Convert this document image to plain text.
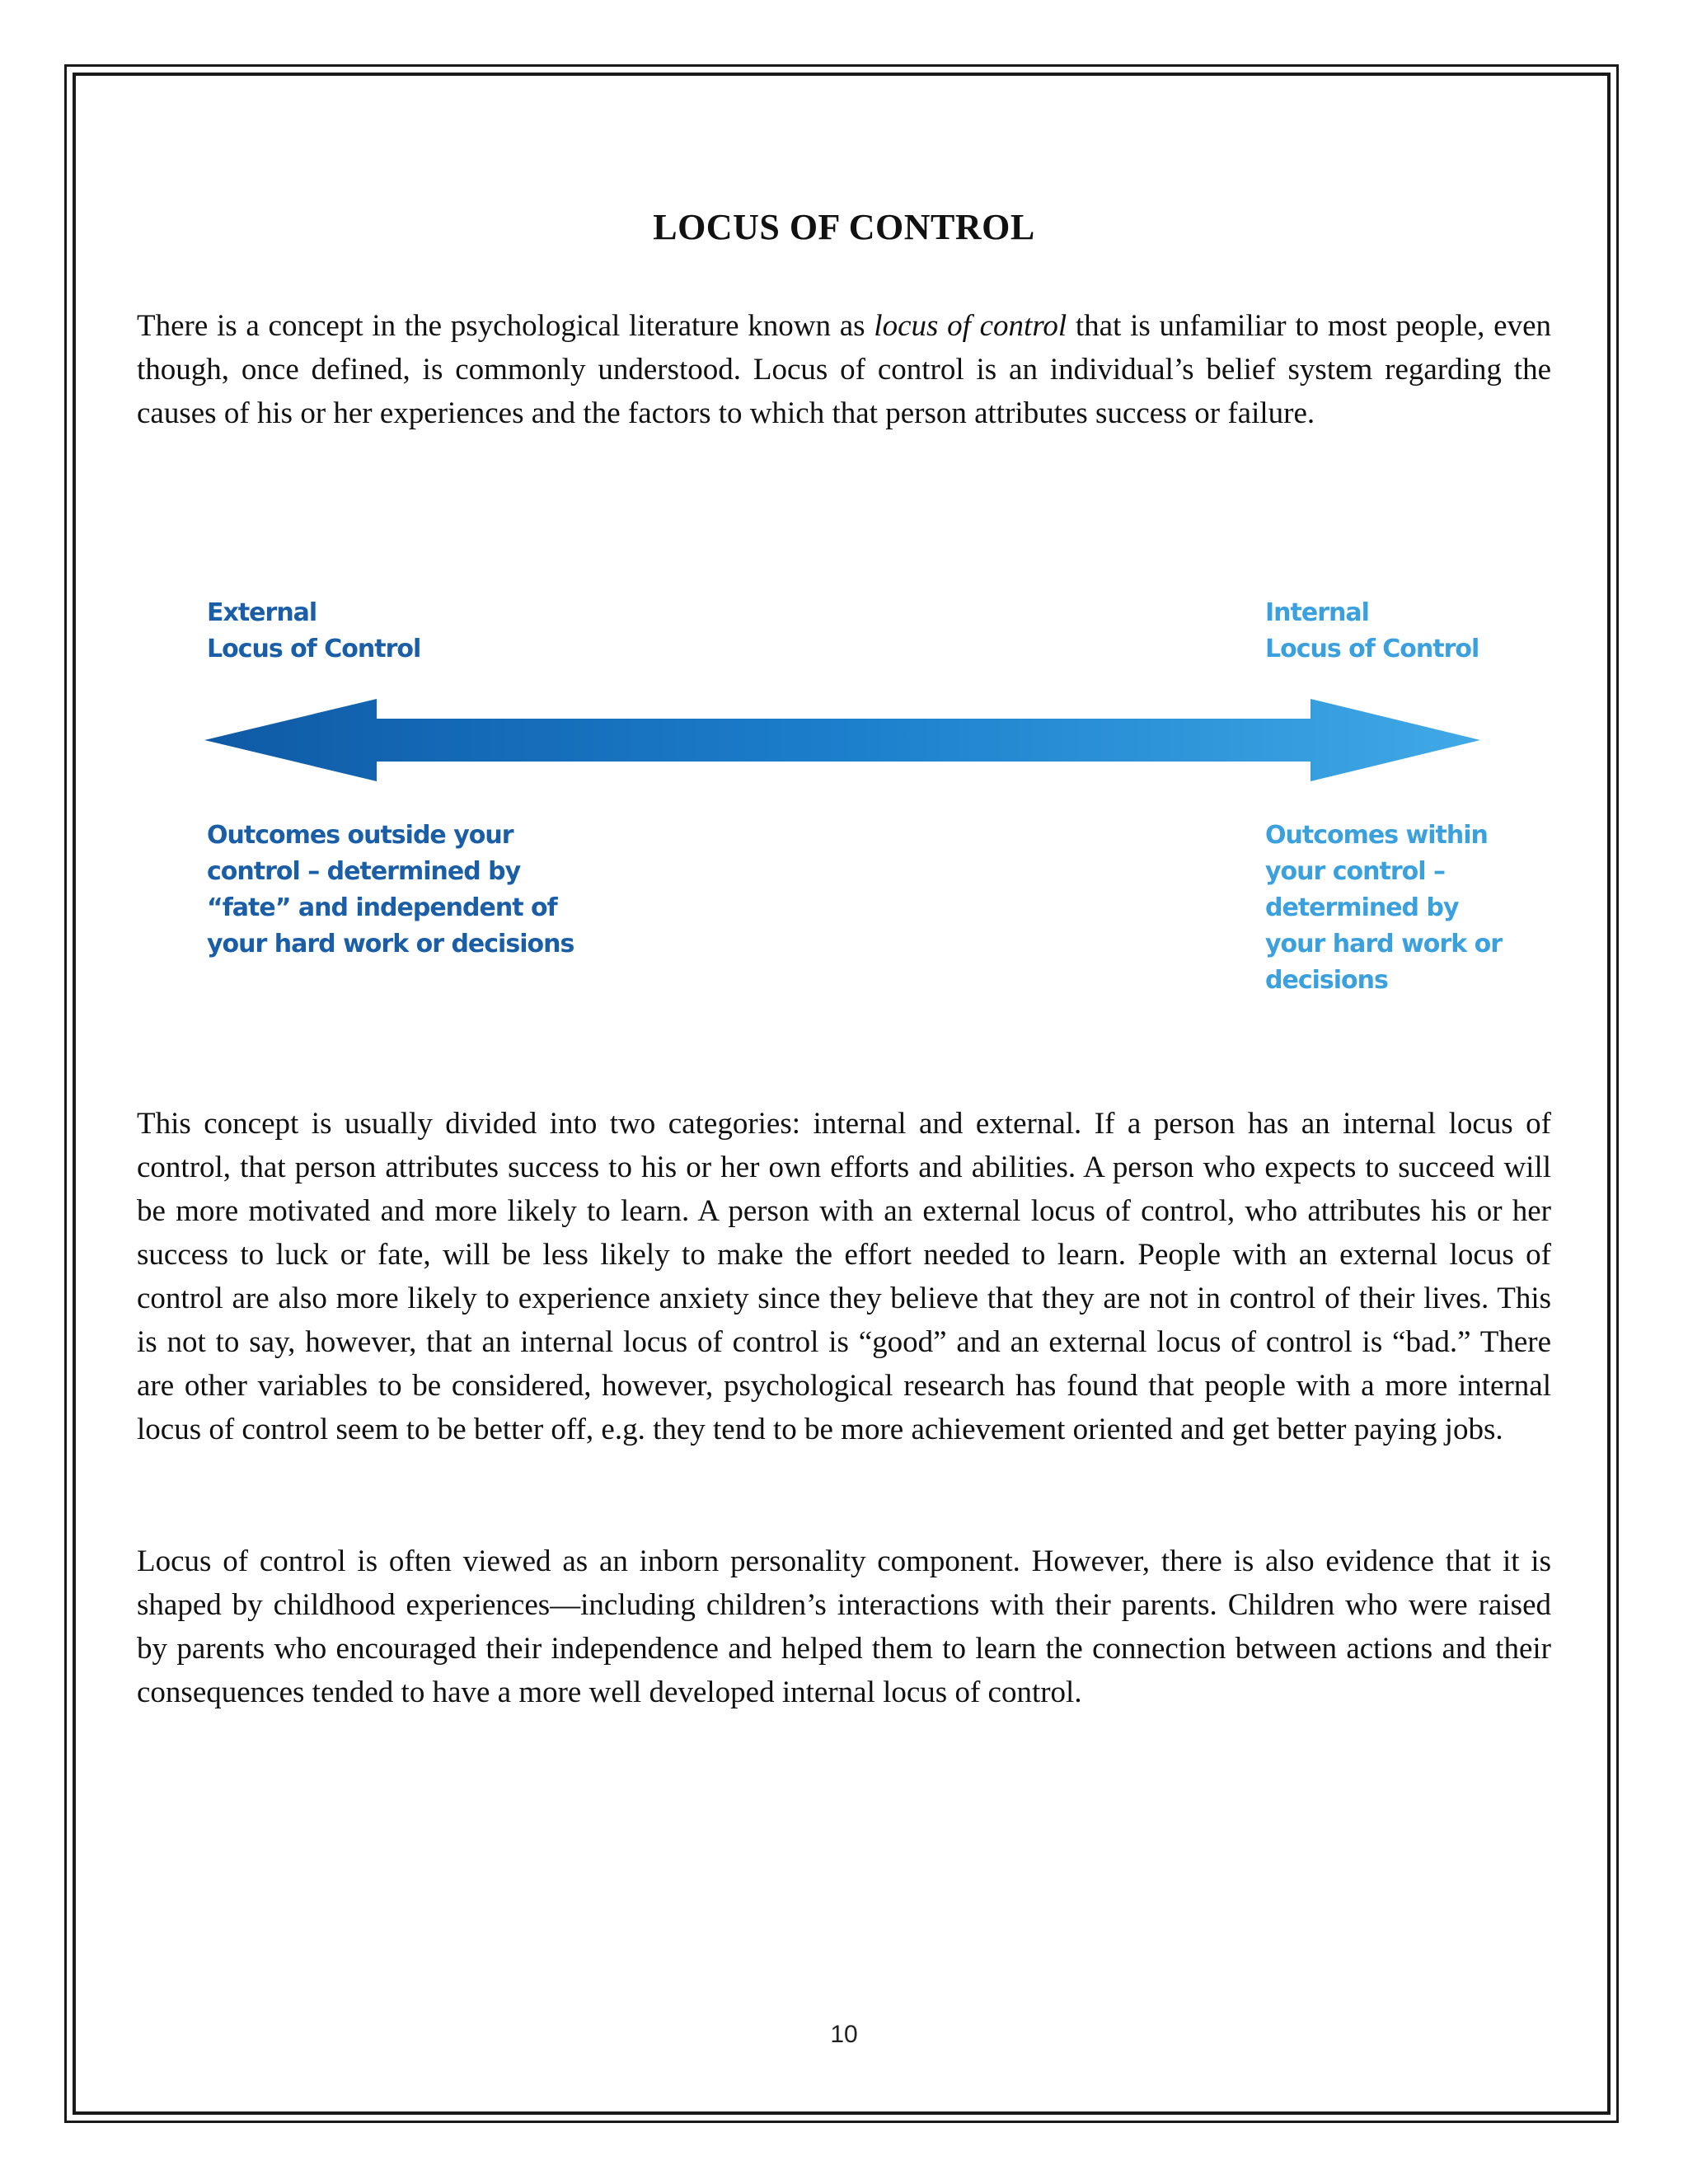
LOCUS OF CONTROL

There is a concept in the psychological literature known as locus of control that is unfamiliar to most people, even though, once defined, is commonly understood. Locus of control is an individual’s belief system regarding the causes of his or her experiences and the factors to which that person attributes success or failure.

External
Locus of Control
Internal
Locus of Control
Outcomes outside your
control – determined by
“fate” and independent of
your hard work or decisions
Outcomes within
your control –
determined by
your hard work or
decisions

This concept is usually divided into two categories: internal and external. If a person has an internal locus of control, that person attributes success to his or her own efforts and abilities. A person who expects to succeed will be more motivated and more likely to learn. A person with an external locus of control, who attributes his or her success to luck or fate, will be less likely to make the effort needed to learn. People with an external locus of control are also more likely to experience anxiety since they believe that they are not in control of their lives. This is not to say, however, that an internal locus of control is “good” and an external locus of control is “bad.” There are other variables to be considered, however, psychological research has found that people with a more internal locus of control seem to be better off, e.g. they tend to be more achievement oriented and get better paying jobs.

Locus of control is often viewed as an inborn personality component. However, there is also evidence that it is shaped by childhood experiences—including children’s interactions with their parents. Children who were raised by parents who encouraged their independence and helped them to learn the connection between actions and their consequences tended to have a more well developed internal locus of control.

10
